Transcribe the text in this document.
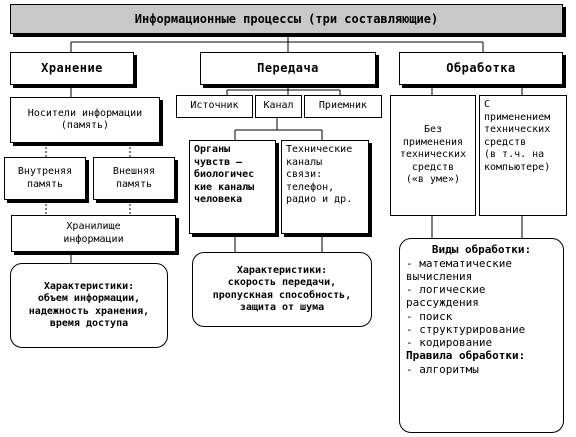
Информационные процессы (три составляющие)
Хранение	Передача	Обработка
Носители информации
(память)
Внутреняя
память
Внешняя
память
Хранилище
информации
Характеристики:
объем информации,
надежность хранения,
время доступа
Источник	Канал	Приемник
Органы
чувств –
биологичес
кие каналы
человека
Технические
каналы
связи:
телефон,
радио и др.
Характеристики:
скорость передачи,
пропускная способность,
защита от шума
Без
применения
технических
средств
(«в уме»)
С
применением
технических
средств
(в т.ч. на
компьютере)
Виды обработки:
- математические вычисления
- логические рассуждения
- поиск
- структурирование
- кодирование
Правила обработки:
- алгоритмы
